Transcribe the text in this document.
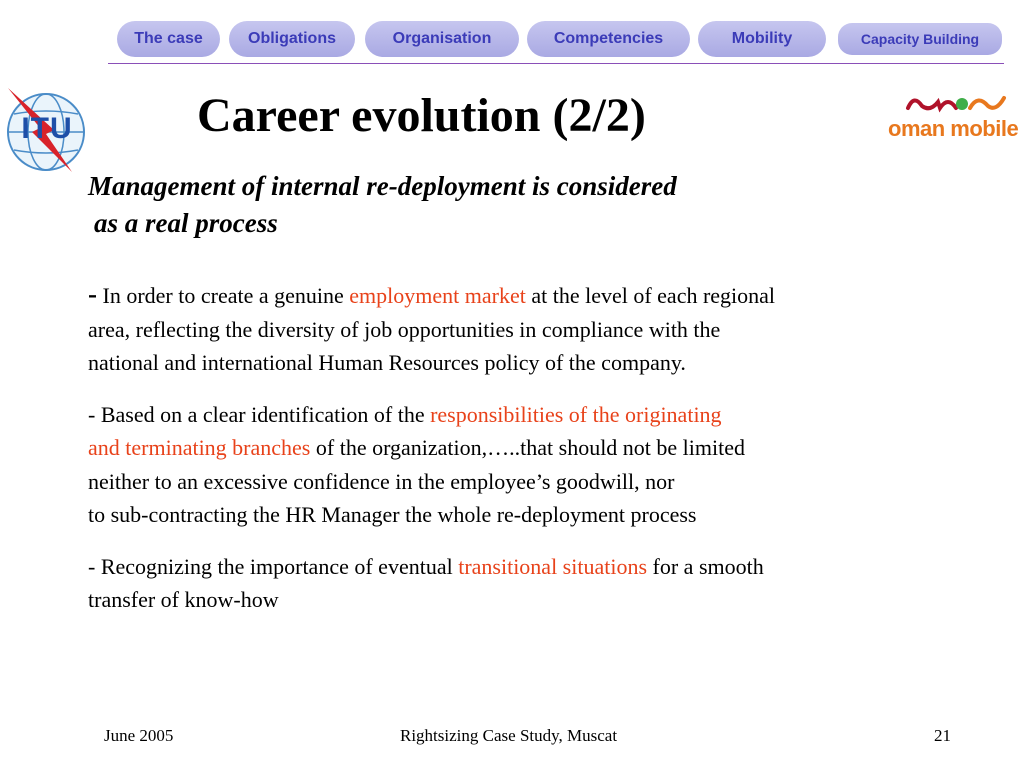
The case	Obligations	Organisation	Competencies	Mobility	Capacity Building
ITU	oman mobile
Career evolution (2/2)
Management of internal re-deployment is considered
as a real process
- In order to create a genuine employment market at the level of each regional
area, reflecting the diversity of job opportunities in compliance with the
national and international Human Resources policy of the company.
- Based on a clear identification of the responsibilities of the originating
and terminating branches of the organization,…..that should not be limited
neither to an excessive confidence in the employee’s goodwill, nor
to sub-contracting the HR Manager the whole re-deployment process
- Recognizing the importance of eventual transitional situations for a smooth
transfer of know-how
June 2005	Rightsizing Case Study, Muscat	21
